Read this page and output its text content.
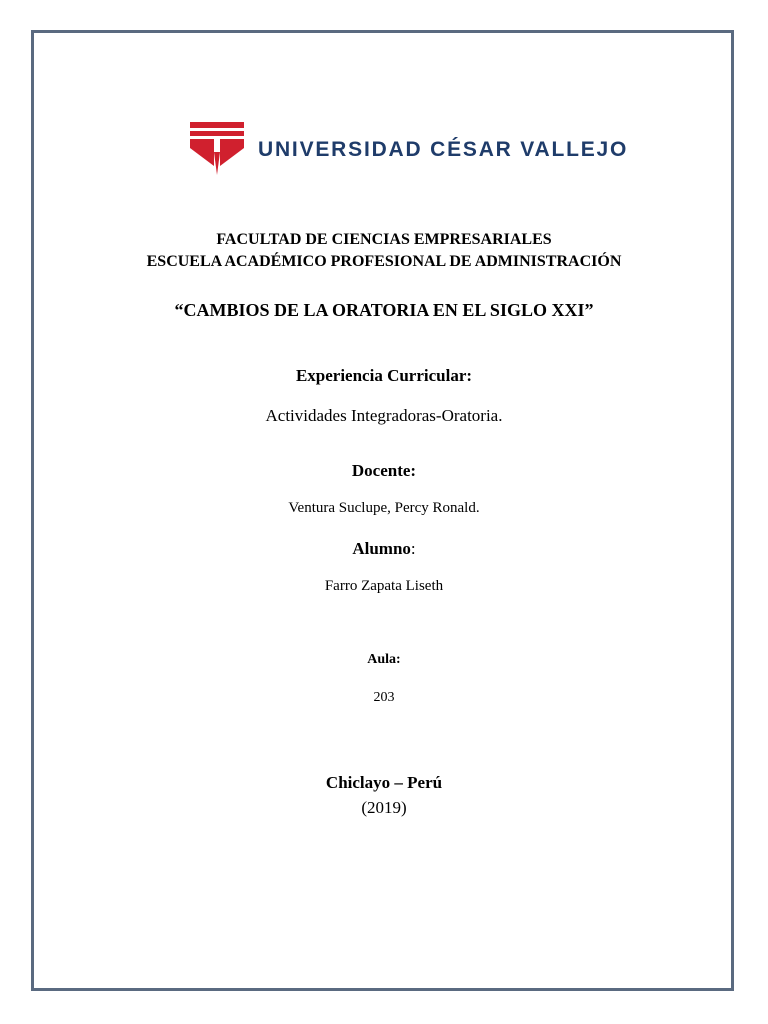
UNIVERSIDAD CÉSAR VALLEJO
FACULTAD DE CIENCIAS EMPRESARIALES
ESCUELA ACADÉMICO PROFESIONAL DE ADMINISTRACIÓN
“CAMBIOS DE LA ORATORIA EN EL SIGLO XXI”
Experiencia Curricular:
Actividades Integradoras-Oratoria.
Docente:
Ventura Suclupe, Percy Ronald.
Alumno:
Farro Zapata Liseth
Aula:
203
Chiclayo – Perú
(2019)
